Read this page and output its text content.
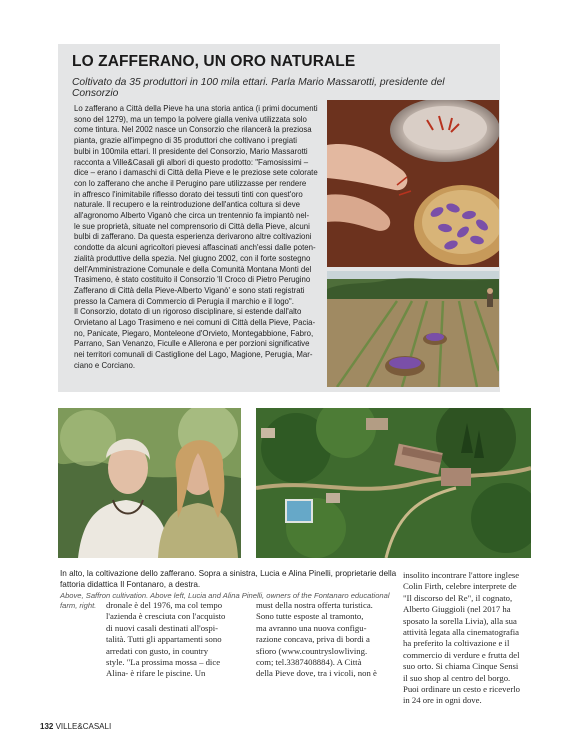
LO ZAFFERANO, UN ORO NATURALE

Coltivato da 35 produttori in 100 mila ettari. Parla Mario Massarotti, presidente del Consorzio

Lo zafferano a Città della Pieve ha una storia antica (i primi documenti

sono del 1279), ma un tempo la polvere gialla veniva utilizzata solo

come tintura. Nel 2002 nasce un Consorzio che rilancerà la preziosa

pianta, grazie all'impegno di 35 produttori che coltivano i pregiati

bulbi in 100mila ettari. Il presidente del Consorzio, Mario Massarotti

racconta a Ville&Casali gli albori di questo prodotto: "Famosissimi –

dice – erano i damaschi di Città della Pieve e le preziose sete colorate

con lo zafferano che anche il Perugino pare utilizzasse per rendere

in affresco l'inimitabile riflesso dorato dei tessuti tinti con quest'oro

naturale. Il recupero e la reintroduzione dell'antica coltura si deve

all'agronomo Alberto Viganò che circa un trentennio fa impiantò nel-

le sue proprietà, situate nel comprensorio di Città della Pieve, alcuni

bulbi di zafferano. Da questa esperienza derivarono altre coltivazioni

condotte da alcuni agricoltori pievesi affascinati anch'essi dalle poten-

zialità produttive della spezia. Nel giugno 2002, con il forte sostegno

dell'Amministrazione Comunale e della Comunità Montana Monti del

Trasimeno, è stato costituito il Consorzio 'Il Croco di Pietro Perugino

Zafferano di Città della Pieve-Alberto Viganò' e sono stati registrati

presso la Camera di Commercio di Perugia il marchio e il logo".

Il Consorzio, dotato di un rigoroso disciplinare, si estende dall'alto

Orvietano al Lago Trasimeno e nei comuni di Città della Pieve, Pacia-

no, Panicate, Piegaro, Monteleone d'Orvieto, Montegabbione, Fabro,

Parrano, San Venanzo, Ficulle e Allerona e per porzioni significative

nei territori comunali di Castiglione del Lago, Magione, Perugia, Mar-

ciano e Corciano.

In alto, la coltivazione dello zafferano. Sopra a sinistra, Lucia e Alina Pinelli, proprietarie della fattoria didattica Il Fontanaro, a destra.

Above, Saffron cultivation. Above left, Lucia and Alina Pinelli, owners of the Fontanaro educational farm, right.	dronale è del 1976, ma col tempo

l'azienda è cresciuta con l'acquisto

di nuovi casali destinati all'ospi-

talità. Tutti gli appartamenti sono

arredati con gusto, in country

style. "La prossima mossa – dice

Alina- è rifare le piscine. Un

must della nostra offerta turistica.

Sono tutte esposte al tramonto,

ma avranno una nuova configu-

razione concava, priva di bordi a

sfioro (www.countryslowliving.

com; tel.3387408884). A Città

della Pieve dove, tra i vicoli, non è

insolito incontrare l'attore inglese

Colin Firth, celebre interprete de

"Il discorso del Re", il cognato,

Alberto Giuggioli (nel 2017 ha

sposato la sorella Livia), alla sua

attività legata alla cinematografia

ha preferito la coltivazione e il

commercio di verdure e frutta del

suo orto. Si chiama Cinque Sensi

il suo shop al centro del borgo.

Puoi ordinare un cesto e riceverlo

in 24 ore in ogni dove.

132 VILLE&CASALI
